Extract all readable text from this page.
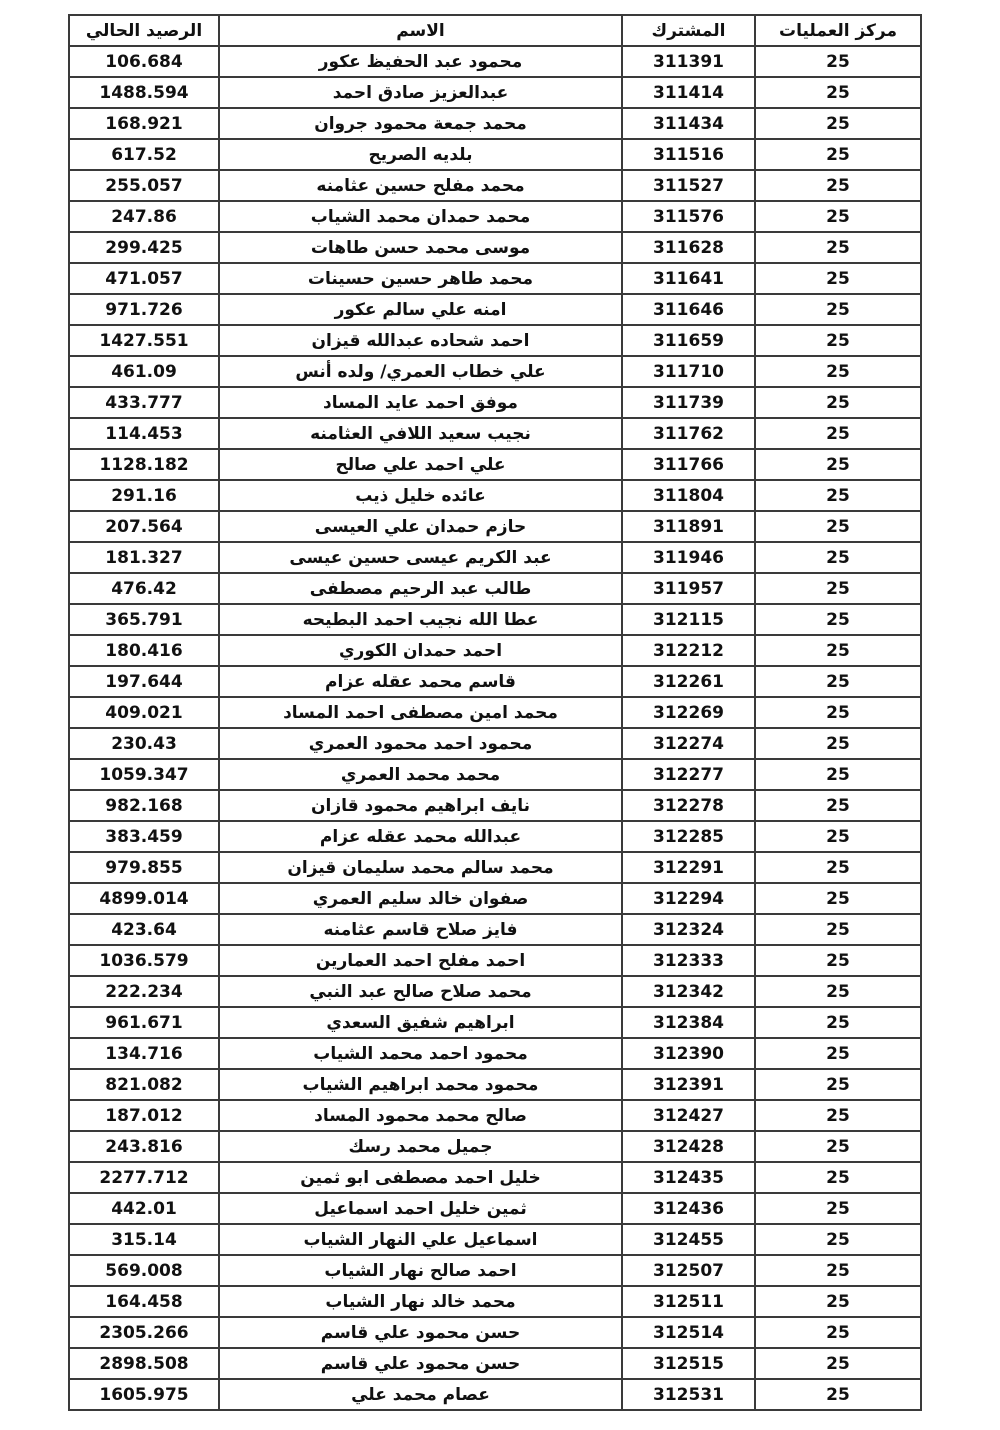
مركز العمليات	المشترك	الاسم	الرصيد الحالي
25	311391	محمود عبد الحفيظ عكور	106.684
25	311414	عبدالعزيز صادق احمد	1488.594
25	311434	محمد جمعة محمود جروان	168.921
25	311516	بلديه الصريح	617.52
25	311527	محمد مفلح حسين عثامنه	255.057
25	311576	محمد حمدان محمد الشياب	247.86
25	311628	موسى محمد حسن طاهات	299.425
25	311641	محمد طاهر حسين حسينات	471.057
25	311646	امنه علي سالم عكور	971.726
25	311659	احمد شحاده عبدالله قيزان	1427.551
25	311710	علي خطاب العمري/ ولده أنس	461.09
25	311739	موفق احمد عايد المساد	433.777
25	311762	نجيب سعيد اللافي العثامنه	114.453
25	311766	علي احمد علي صالح	1128.182
25	311804	عائده خليل ذيب	291.16
25	311891	حازم حمدان علي العيسى	207.564
25	311946	عبد الكريم عيسى حسين عيسى	181.327
25	311957	طالب عبد الرحيم مصطفى	476.42
25	312115	عطا الله نجيب احمد البطيحه	365.791
25	312212	احمد حمدان الكوري	180.416
25	312261	قاسم محمد عقله عزام	197.644
25	312269	محمد امين مصطفى احمد المساد	409.021
25	312274	محمود احمد محمود العمري	230.43
25	312277	محمد محمد العمري	1059.347
25	312278	نايف ابراهيم محمود قازان	982.168
25	312285	عبدالله محمد عقله عزام	383.459
25	312291	محمد سالم محمد سليمان قيزان	979.855
25	312294	صفوان خالد سليم العمري	4899.014
25	312324	فايز صلاح قاسم عثامنه	423.64
25	312333	احمد مفلح احمد العمارين	1036.579
25	312342	محمد صلاح صالح عبد النبي	222.234
25	312384	ابراهيم شفيق السعدي	961.671
25	312390	محمود احمد محمد الشياب	134.716
25	312391	محمود محمد ابراهيم الشياب	821.082
25	312427	صالح محمد محمود المساد	187.012
25	312428	جميل محمد رسك	243.816
25	312435	خليل احمد مصطفى ابو ثمين	2277.712
25	312436	ثمين خليل احمد اسماعيل	442.01
25	312455	اسماعيل علي النهار الشياب	315.14
25	312507	احمد صالح نهار الشياب	569.008
25	312511	محمد خالد نهار الشياب	164.458
25	312514	حسن محمود علي قاسم	2305.266
25	312515	حسن محمود علي قاسم	2898.508
25	312531	عصام محمد علي	1605.975
